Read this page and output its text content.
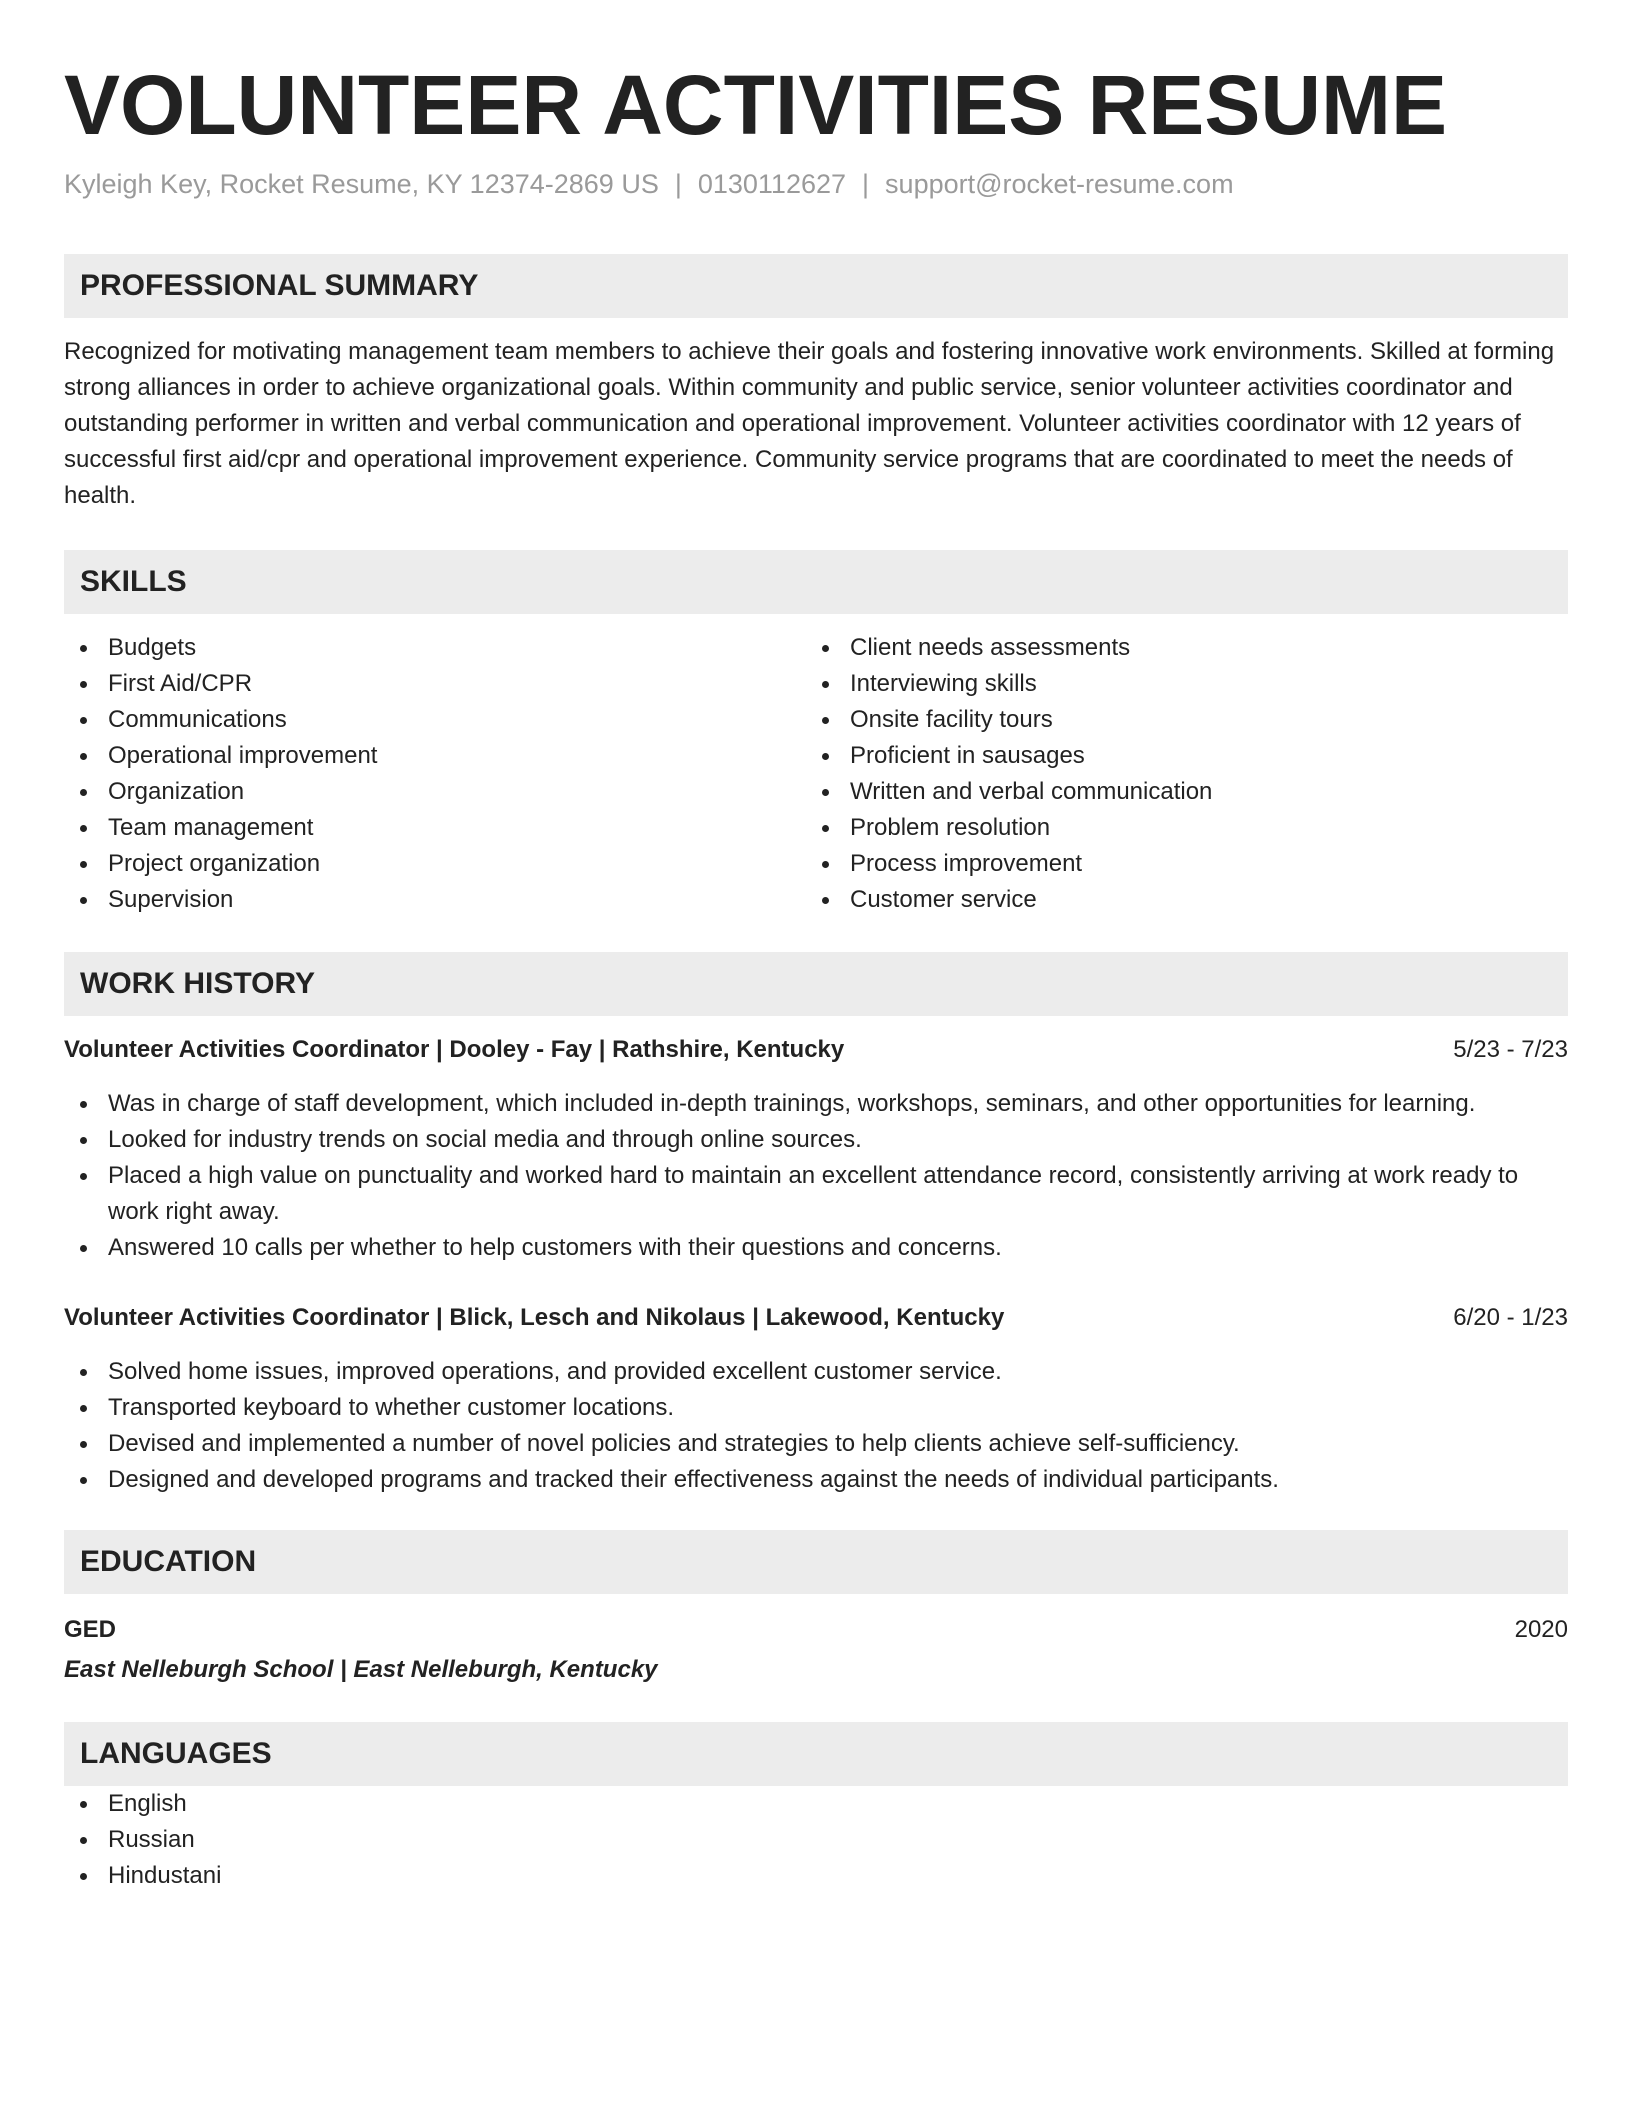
VOLUNTEER ACTIVITIES RESUME
Kyleigh Key, Rocket Resume, KY 12374-2869 US | 0130112627 | support@rocket-resume.com
PROFESSIONAL SUMMARY

Recognized for motivating management team members to achieve their goals and fostering innovative work environments. Skilled at forming strong alliances in order to achieve organizational goals. Within community and public service, senior volunteer activities coordinator and outstanding performer in written and verbal communication and operational improvement. Volunteer activities coordinator with 12 years of successful first aid/cpr and operational improvement experience. Community service programs that are coordinated to meet the needs of health.

SKILLS
Budgets
First Aid/CPR
Communications
Operational improvement
Organization
Team management
Project organization
Supervision
Client needs assessments
Interviewing skills
Onsite facility tours
Proficient in sausages
Written and verbal communication
Problem resolution
Process improvement
Customer service
WORK HISTORY
Volunteer Activities Coordinator | Dooley - Fay | Rathshire, Kentucky	5/23 - 7/23
Was in charge of staff development, which included in-depth trainings, workshops, seminars, and other opportunities for learning.
Looked for industry trends on social media and through online sources.
Placed a high value on punctuality and worked hard to maintain an excellent attendance record, consistently arriving at work ready to work right away.
Answered 10 calls per whether to help customers with their questions and concerns.
Volunteer Activities Coordinator | Blick, Lesch and Nikolaus | Lakewood, Kentucky	6/20 - 1/23
Solved home issues, improved operations, and provided excellent customer service.
Transported keyboard to whether customer locations.
Devised and implemented a number of novel policies and strategies to help clients achieve self-sufficiency.
Designed and developed programs and tracked their effectiveness against the needs of individual participants.
EDUCATION
GED	2020
East Nelleburgh School | East Nelleburgh, Kentucky
LANGUAGES
English
Russian
Hindustani
